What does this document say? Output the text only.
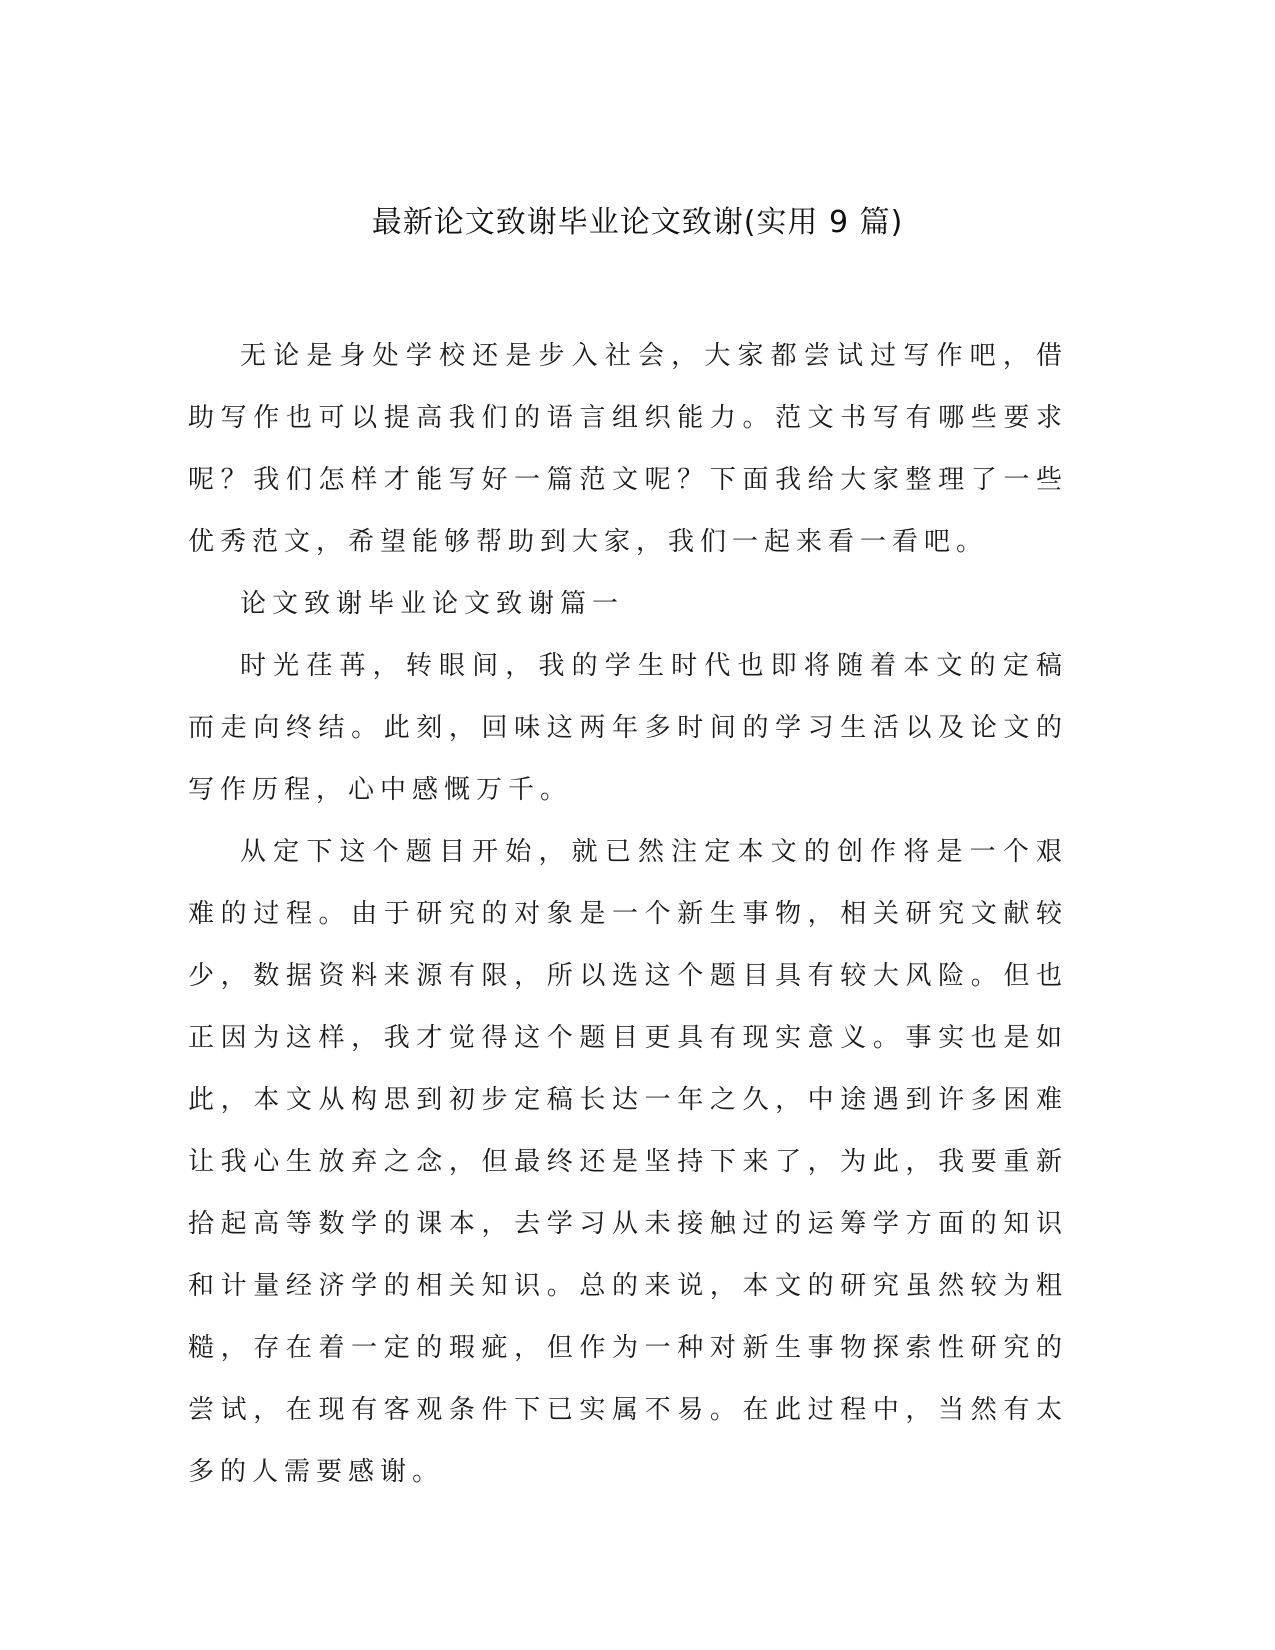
最新论文致谢毕业论文致谢(实用 9 篇)

无论是身处学校还是步入社会，大家都尝试过写作吧，借助写作也可以提高我们的语言组织能力。范文书写有哪些要求呢？我们怎样才能写好一篇范文呢？下面我给大家整理了一些优秀范文，希望能够帮助到大家，我们一起来看一看吧。

论文致谢毕业论文致谢篇一

时光荏苒，转眼间，我的学生时代也即将随着本文的定稿而走向终结。此刻，回味这两年多时间的学习生活以及论文的写作历程，心中感慨万千。

从定下这个题目开始，就已然注定本文的创作将是一个艰难的过程。由于研究的对象是一个新生事物，相关研究文献较少，数据资料来源有限，所以选这个题目具有较大风险。但也正因为这样，我才觉得这个题目更具有现实意义。事实也是如此，本文从构思到初步定稿长达一年之久，中途遇到许多困难让我心生放弃之念，但最终还是坚持下来了，为此，我要重新拾起高等数学的课本，去学习从未接触过的运筹学方面的知识和计量经济学的相关知识。总的来说，本文的研究虽然较为粗糙，存在着一定的瑕疵，但作为一种对新生事物探索性研究的尝试，在现有客观条件下已实属不易。在此过程中，当然有太多的人需要感谢。
